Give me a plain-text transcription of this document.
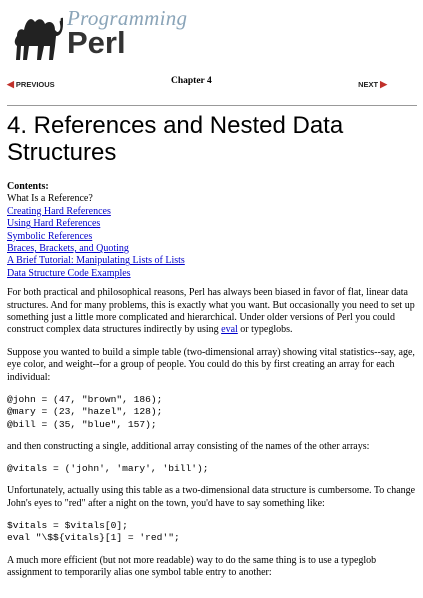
Programming
Perl
◀ PREVIOUS	Chapter 4	NEXT ▶
4. References and Nested Data Structures
Contents:
What Is a Reference?
Creating Hard References
Using Hard References
Symbolic References
Braces, Brackets, and Quoting
A Brief Tutorial: Manipulating Lists of Lists
Data Structure Code Examples

For both practical and philosophical reasons, Perl has always been biased in favor of flat, linear data structures. And for many problems, this is exactly what you want. But occasionally you need to set up something just a little more complicated and hierarchical. Under older versions of Perl you could construct complex data structures indirectly by using eval or typeglobs.

Suppose you wanted to build a simple table (two-dimensional array) showing vital statistics--say, age, eye color, and weight--for a group of people. You could do this by first creating an array for each individual:

@john = (47, "brown", 186);
@mary = (23, "hazel", 128);
@bill = (35, "blue", 157);

and then constructing a single, additional array consisting of the names of the other arrays:

@vitals = ('john', 'mary', 'bill');

Unfortunately, actually using this table as a two-dimensional data structure is cumbersome. To change John's eyes to "red" after a night on the town, you'd have to say something like:

$vitals = $vitals[0];
eval "\$${vitals}[1] = 'red'";

A much more efficient (but not more readable) way to do the same thing is to use a typeglob assignment to temporarily alias one symbol table entry to another:
